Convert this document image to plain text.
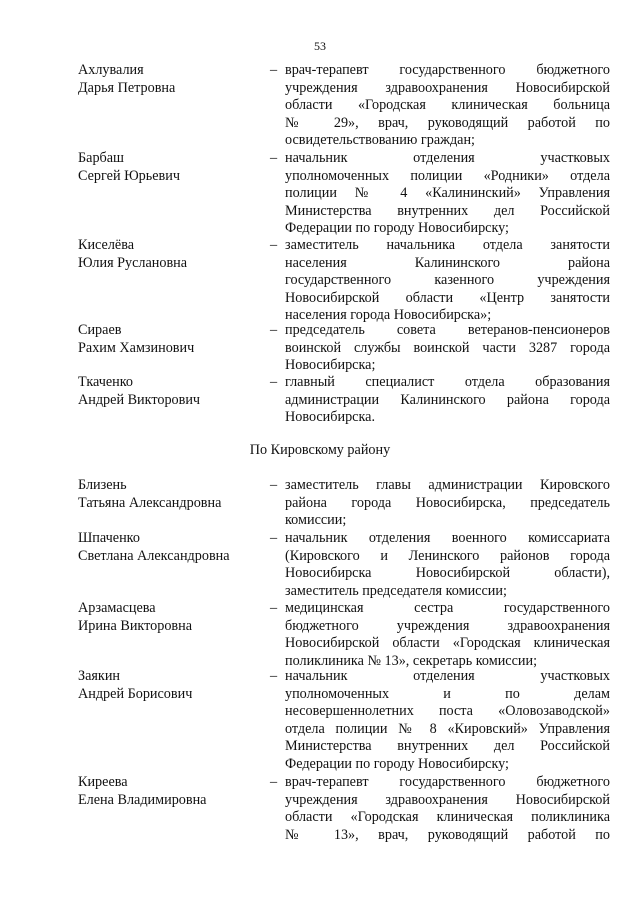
53
Ахлувалия
Дарья Петровна
– врач-терапевт государственного бюджетного
учреждения здравоохранения Новосибирской
области «Городская клиническая больница
№ 29», врач, руководящий работой по
освидетельствованию граждан;
Барбаш
Сергей Юрьевич
– начальник отделения участковых
уполномоченных полиции «Родники» отдела
полиции № 4 «Калининский» Управления
Министерства внутренних дел Российской
Федерации по городу Новосибирску;
Киселёва
Юлия Руслановна
– заместитель начальника отдела занятости
населения Калининского района
государственного казенного учреждения
Новосибирской области «Центр занятости
населения города Новосибирска»;
Сираев
Рахим Хамзинович
– председатель совета ветеранов-пенсионеров
воинской службы воинской части 3287 города
Новосибирска;
Ткаченко
Андрей Викторович
– главный специалист отдела образования
администрации Калининского района города
Новосибирска.
Близень
Татьяна Александровна
– заместитель главы администрации Кировского
района города Новосибирска, председатель
комиссии;
Шпаченко
Светлана Александровна
– начальник отделения военного комиссариата
(Кировского и Ленинского районов города
Новосибирска Новосибирской области),
заместитель председателя комиссии;
Арзамасцева
Ирина Викторовна
– медицинская сестра государственного
бюджетного учреждения здравоохранения
Новосибирской области «Городская клиническая
поликлиника № 13», секретарь комиссии;
Заякин
Андрей Борисович
– начальник отделения участковых
уполномоченных и по делам
несовершеннолетних поста «Оловозаводской»
отдела полиции № 8 «Кировский» Управления
Министерства внутренних дел Российской
Федерации по городу Новосибирску;
Киреева
Елена Владимировна
– врач-терапевт государственного бюджетного
учреждения здравоохранения Новосибирской
области «Городская клиническая поликлиника
№ 13», врач, руководящий работой по
По Кировскому району
